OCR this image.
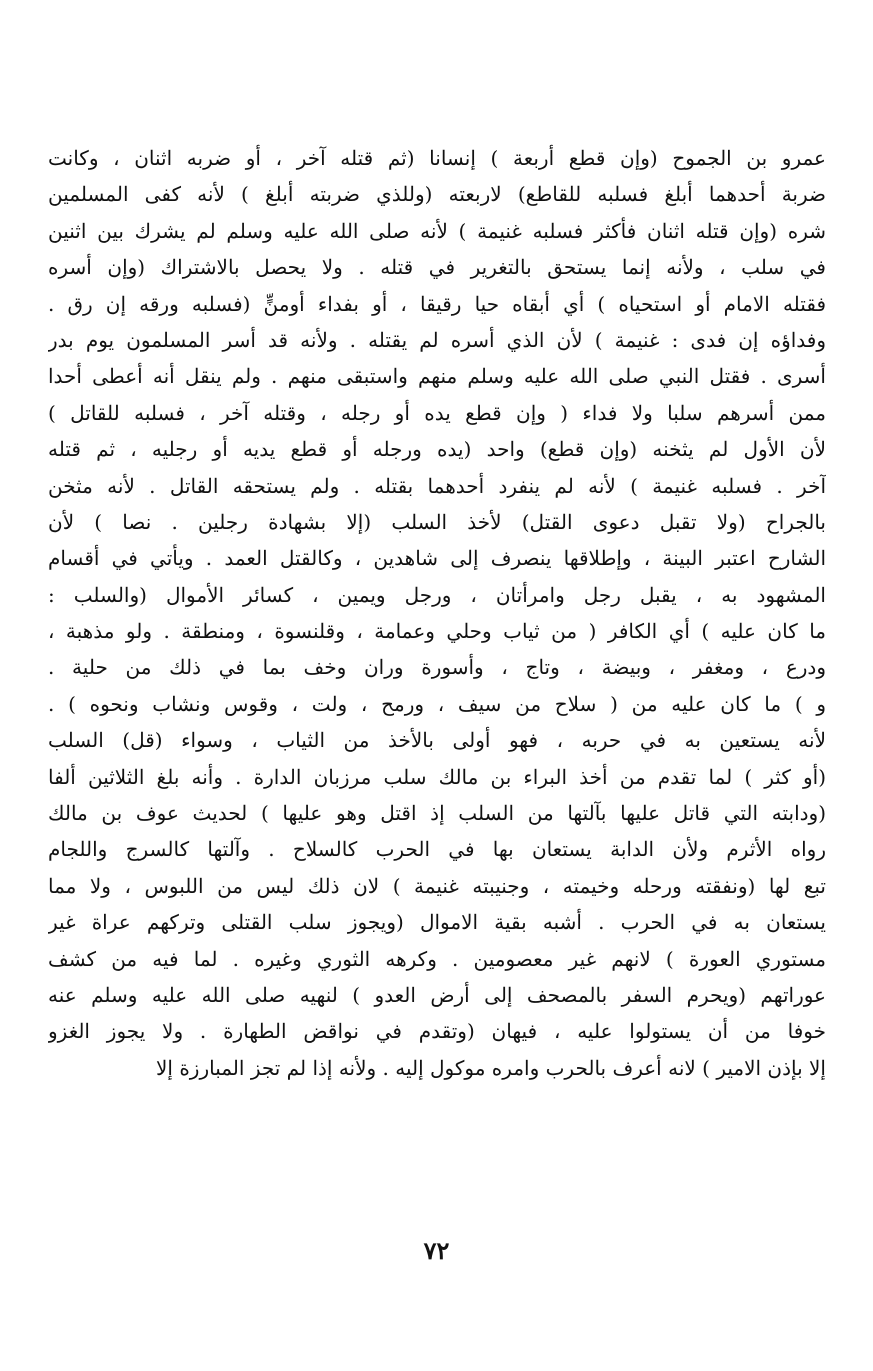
عمرو بن الجموح (وإن قطع أربعة ) إنسانا (ثم قتله آخر ، أو ضربه اثنان ، وكانت
ضربة أحدهما أبلغ فسلبه للقاطع) لاربعته (وللذي ضربته أبلغ ) لأنه كفى المسلمين
شره (وإن قتله اثنان فأكثر فسلبه غنيمة ) لأنه صلى الله عليه وسلم لم يشرك بين اثنين
في سلب ، ولأنه إنما يستحق بالتغرير في قتله . ولا يحصل بالاشتراك (وإن أسره
فقتله الامام أو استحياه ) أي أبقاه حيا رقيقا ، أو بفداء أومنٍّ (فسلبه ورقه إن رق .
وفداؤه إن فدى : غنيمة ) لأن الذي أسره لم يقتله . ولأنه قد أسر المسلمون يوم بدر
أسرى . فقتل النبي صلى الله عليه وسلم منهم واستبقى منهم . ولم ينقل أنه أعطى أحدا
ممن أسرهم سلبا ولا فداء ( وإن قطع يده أو رجله ، وقتله آخر ، فسلبه للقاتل )
لأن الأول لم يثخنه (وإن قطع) واحد (يده ورجله أو قطع يديه أو رجليه ، ثم قتله
آخر . فسلبه غنيمة ) لأنه لم ينفرد أحدهما بقتله . ولم يستحقه القاتل . لأنه مثخن
بالجراح (ولا تقبل دعوى القتل) لأخذ السلب (إلا بشهادة رجلين . نصا ) لأن
الشارح اعتبر البينة ، وإطلاقها ينصرف إلى شاهدين ، وكالقتل العمد . ويأتي في أقسام
المشهود به ، يقبل رجل وامرأتان ، ورجل ويمين ، كسائر الأموال (والسلب :
ما كان عليه ) أي الكافر ( من ثياب وحلي وعمامة ، وقلنسوة ، ومنطقة . ولو مذهبة ،
ودرع ، ومغفر ، وبيضة ، وتاج ، وأسورة وران وخف بما في ذلك من حلية .
و ) ما كان عليه من ( سلاح من سيف ، ورمح ، ولت ، وقوس ونشاب ونحوه ) .
لأنه يستعين به في حربه ، فهو أولى بالأخذ من الثياب ، وسواء (قل) السلب
(أو كثر ) لما تقدم من أخذ البراء بن مالك سلب مرزبان الدارة . وأنه بلغ الثلاثين ألفا
(ودابته التي قاتل عليها بآلتها من السلب إذ اقتل وهو عليها ) لحديث عوف بن مالك
رواه الأثرم ولأن الدابة يستعان بها في الحرب كالسلاح . وآلتها كالسرج واللجام
تبع لها (ونفقته ورحله وخيمته ، وجنيبته غنيمة ) لان ذلك ليس من اللبوس ، ولا مما
يستعان به في الحرب . أشبه بقية الاموال (ويجوز سلب القتلى وتركهم عراة غير
مستوري العورة ) لانهم غير معصومين . وكرهه الثوري وغيره . لما فيه من كشف
عوراتهم (ويحرم السفر بالمصحف إلى أرض العدو ) لنهيه صلى الله عليه وسلم عنه
خوفا من أن يستولوا عليه ، فيهان (وتقدم في نواقض الطهارة . ولا يجوز الغزو
إلا بإذن الامير ) لانه أعرف بالحرب وامره موكول إليه . ولأنه إذا لم تجز المبارزة إلا
٧٢
